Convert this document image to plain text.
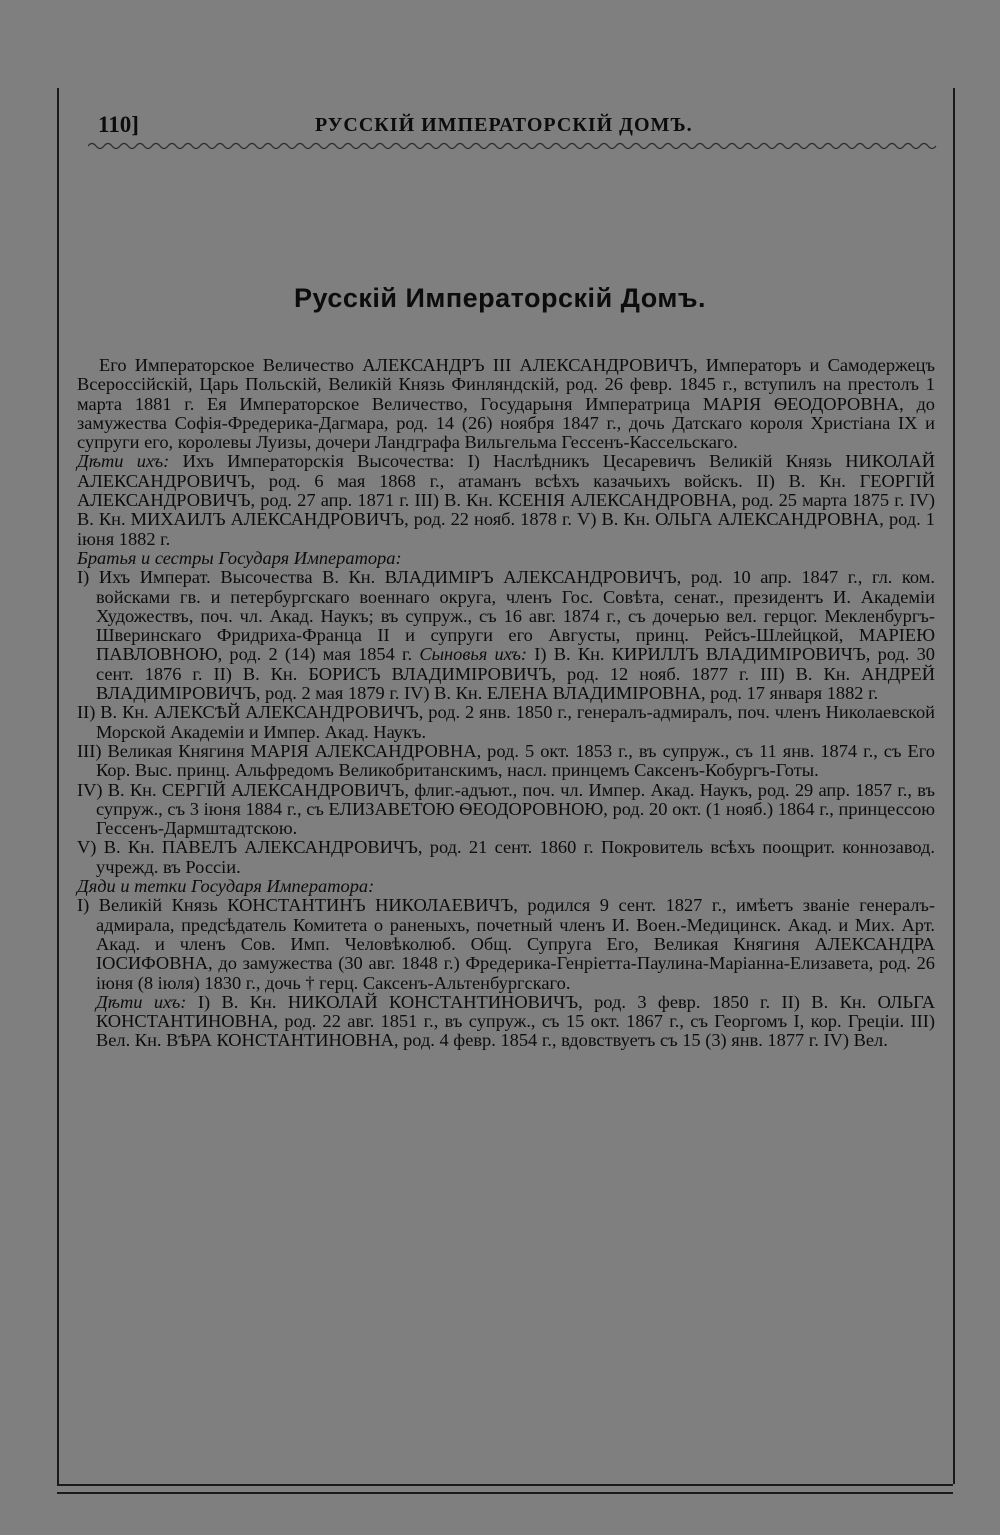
110]	РУССКІЙ ИМПЕРАТОРСКІЙ ДОМЪ.
Русскій Императорскій Домъ.

Его Императорское Величество АЛЕКСАНДРЪ III АЛЕКСАНДРОВИЧЪ, Императоръ и Самодержецъ Всероссійскій, Царь Польскій, Великій Князь Финляндскій, род. 26 февр. 1845 г., вступилъ на престолъ 1 марта 1881 г. Ея Императорское Величество, Государыня Императрица МАРІЯ ѲЕОДОРОВНА, до замужества Софія-Фредерика-Дагмара, род. 14 (26) ноября 1847 г., дочь Датскаго короля Христіана IX и супруги его, королевы Луизы, дочери Ландграфа Вильгельма Гессенъ-Кассельскаго.

Дѣти ихъ: Ихъ Императорскія Высочества: I) Наслѣдникъ Цесаревичъ Великій Князь НИКОЛАЙ АЛЕКСАНДРОВИЧЪ, род. 6 мая 1868 г., атаманъ всѣхъ казачьихъ войскъ. II) В. Кн. ГЕОРГІЙ АЛЕКСАНДРОВИЧЪ, род. 27 апр. 1871 г. III) В. Кн. КСЕНІЯ АЛЕКСАНДРОВНА, род. 25 марта 1875 г. IV) В. Кн. МИХАИЛЪ АЛЕКСАНДРОВИЧЪ, род. 22 нояб. 1878 г. V) В. Кн. ОЛЬГА АЛЕКСАНДРОВНА, род. 1 іюня 1882 г.

Братья и сестры Государя Императора:

I) Ихъ Императ. Высочества В. Кн. ВЛАДИМІРЪ АЛЕКСАНДРОВИЧЪ, род. 10 апр. 1847 г., гл. ком. войсками гв. и петербургскаго военнаго округа, членъ Гос. Совѣта, сенат., президентъ И. Академіи Художествъ, поч. чл. Акад. Наукъ; въ супруж., съ 16 авг. 1874 г., съ дочерью вел. герцог. Мекленбургъ-Шверинскаго Фридриха-Франца II и супруги его Августы, принц. Рейсъ-Шлейцкой, МАРІЕЮ ПАВЛОВНОЮ, род. 2 (14) мая 1854 г. Сыновья ихъ: I) В. Кн. КИРИЛЛЪ ВЛАДИМІРОВИЧЪ, род. 30 сент. 1876 г. II) В. Кн. БОРИСЪ ВЛАДИМІРОВИЧЪ, род. 12 нояб. 1877 г. III) В. Кн. АНДРЕЙ ВЛАДИМІРОВИЧЪ, род. 2 мая 1879 г. IV) В. Кн. ЕЛЕНА ВЛАДИМІРОВНА, род. 17 января 1882 г.

II) В. Кн. АЛЕКСѢЙ АЛЕКСАНДРОВИЧЪ, род. 2 янв. 1850 г., генералъ-адмиралъ, поч. членъ Николаевской Морской Академіи и Импер. Акад. Наукъ.

III) Великая Княгиня МАРІЯ АЛЕКСАНДРОВНА, род. 5 окт. 1853 г., въ супруж., съ 11 янв. 1874 г., съ Его Кор. Выс. принц. Альфредомъ Великобританскимъ, насл. принцемъ Саксенъ-Кобургъ-Готы.

IV) В. Кн. СЕРГІЙ АЛЕКСАНДРОВИЧЪ, флиг.-адъют., поч. чл. Импер. Акад. Наукъ, род. 29 апр. 1857 г., въ супруж., съ 3 іюня 1884 г., съ ЕЛИЗАВЕТОЮ ѲЕОДОРОВНОЮ, род. 20 окт. (1 нояб.) 1864 г., принцессою Гессенъ-Дармштадтскою.

V) В. Кн. ПАВЕЛЪ АЛЕКСАНДРОВИЧЪ, род. 21 сент. 1860 г. Покровитель всѣхъ поощрит. коннозавод. учрежд. въ Россіи.

Дяди и тетки Государя Императора:

I) Великій Князь КОНСТАНТИНЪ НИКОЛАЕВИЧЪ, родился 9 сент. 1827 г., имѣетъ званіе генералъ-адмирала, предсѣдатель Комитета о раненыхъ, почетный членъ И. Воен.-Медицинск. Акад. и Мих. Арт. Акад. и членъ Сов. Имп. Человѣколюб. Общ. Супруга Его, Великая Княгиня АЛЕКСАНДРА ІОСИФОВНА, до замужества (30 авг. 1848 г.) Фредерика-Генріетта-Паулина-Маріанна-Елизавета, род. 26 іюня (8 іюля) 1830 г., дочь † герц. Саксенъ-Альтенбургскаго.
Дѣти ихъ: I) В. Кн. НИКОЛАЙ КОНСТАНТИНОВИЧЪ, род. 3 февр. 1850 г. II) В. Кн. ОЛЬГА КОНСТАНТИНОВНА, род. 22 авг. 1851 г., въ супруж., съ 15 окт. 1867 г., съ Георгомъ I, кор. Греціи. III) Вел. Кн. ВѢРА КОНСТАНТИНОВНА, род. 4 февр. 1854 г., вдовствуетъ съ 15 (3) янв. 1877 г. IV) Вел.
